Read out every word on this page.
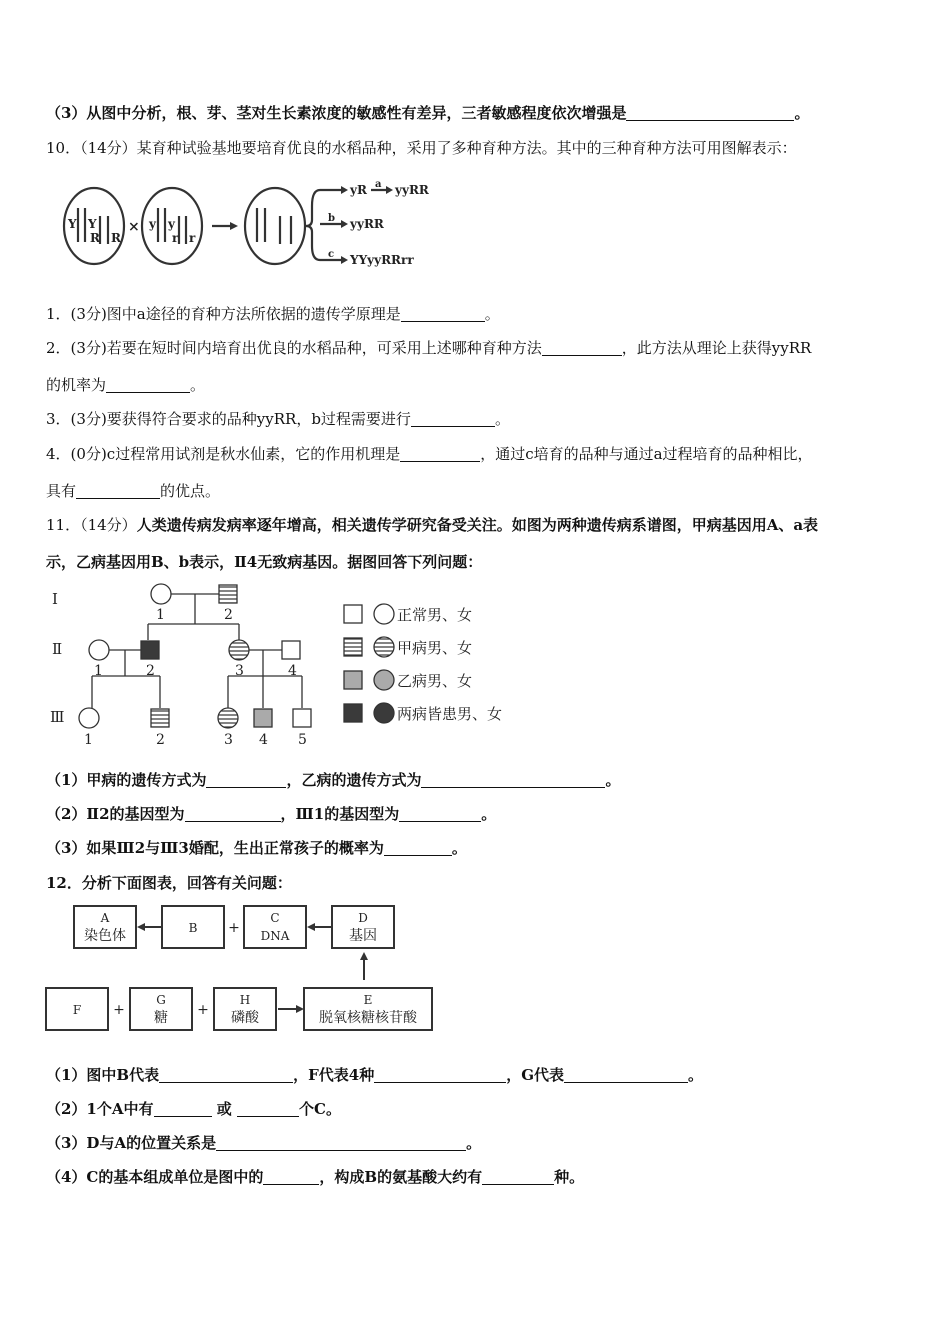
（3）从图中分析，根、芽、茎对生长素浓度的敏感性有差异，三者敏感程度依次增强是	。
10．（14分）某育种试验基地要培育优良的水稻品种，采用了多种育种方法。其中的三种育种方法可用图解表示：
Y Y
R R
y y
r r
×
yR a yyRR
b yyRR
c YYyyRRrr
1．(3分)图中a途径的育种方法所依据的遗传学原理是	。
2．(3分)若要在短时间内培育出优良的水稻品种，可采用上述哪种育种方法	，此方法从理论上获得yyRR
的机率为	。
3．(3分)要获得符合要求的品种yyRR，b过程需要进行	。
4．(0分)c过程常用试剂是秋水仙素，它的作用机理是	，通过c培育的品种与通过a过程培育的品种相比，
具有	的优点。
11．（14分）人类遗传病发病率逐年增高，相关遗传学研究备受关注。如图为两种遗传病系谱图，甲病基因用A、a表
示，乙病基因用B、b表示，Ⅱ4无致病基因。据图回答下列问题：
Ⅰ
Ⅱ
Ⅲ
1	2
1	2	3	4
1	2	3 4 5
正常男、女
甲病男、女
乙病男、女
两病皆患男、女
（1）甲病的遗传方式为	，乙病的遗传方式为	。
（2）Ⅱ2的基因型为	，Ⅲ1的基因型为	。
（3）如果Ⅲ2与Ⅲ3婚配，生出正常孩子的概率为	。
12．分析下面图表，回答有关问题：
A
染色体	B
C
DNA
D
基因
F
G
糖
H
磷酸
E
脱氧核糖核苷酸
+
+	+
（1）图中B代表	，F代表4种	，G代表	。
（2）1个A中有	或	个C。
（3）D与A的位置关系是	。
（4）C的基本组成单位是图中的	，构成B的氨基酸大约有	种。
